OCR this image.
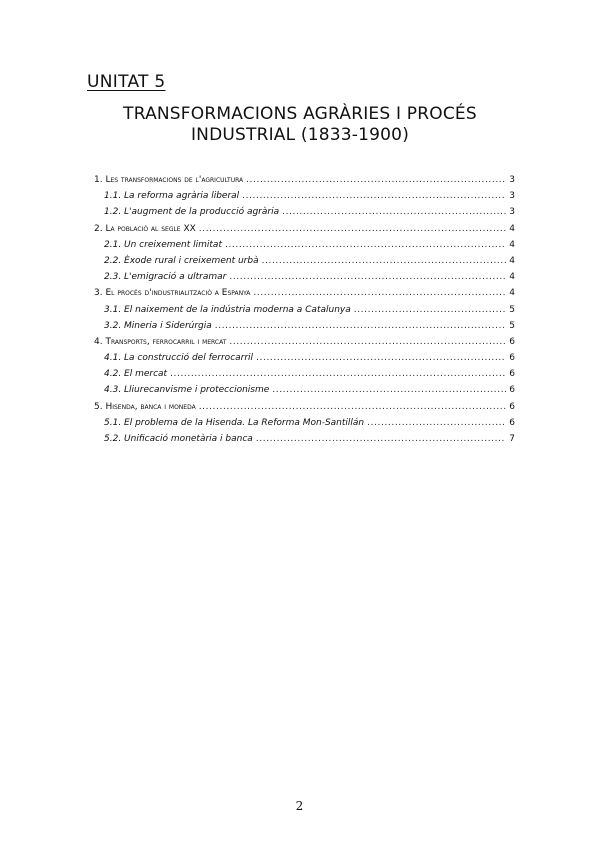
UNITAT 5
TRANSFORMACIONS AGRÀRIES I PROCÉS
INDUSTRIAL (1833-1900)
1. Les transformacions de l'agricultura .....	3
1.1. La reforma agrària liberal .....	3
1.2. L'augment de la producció agrària .....	3
2. La població al segle XX .....	4
2.1. Un creixement limitat .....	4
2.2. Èxode rural i creixement urbà .....	4
2.3. L'emigració a ultramar .....	4
3. El procés d'industrialització a Espanya .....	4
3.1. El naixement de la indústria moderna a Catalunya .....	5
3.2. Mineria i Siderúrgia .....	5
4. Transports, ferrocarril i mercat .....	6
4.1. La construcció del ferrocarril .....	6
4.2. El mercat .....	6
4.3. Lliurecanvisme i proteccionisme .....	6
5. Hisenda, banca i moneda .....	6
5.1. El problema de la Hisenda. La Reforma Mon-Santillán .....	6
5.2. Unificació monetària i banca .....	7
2
